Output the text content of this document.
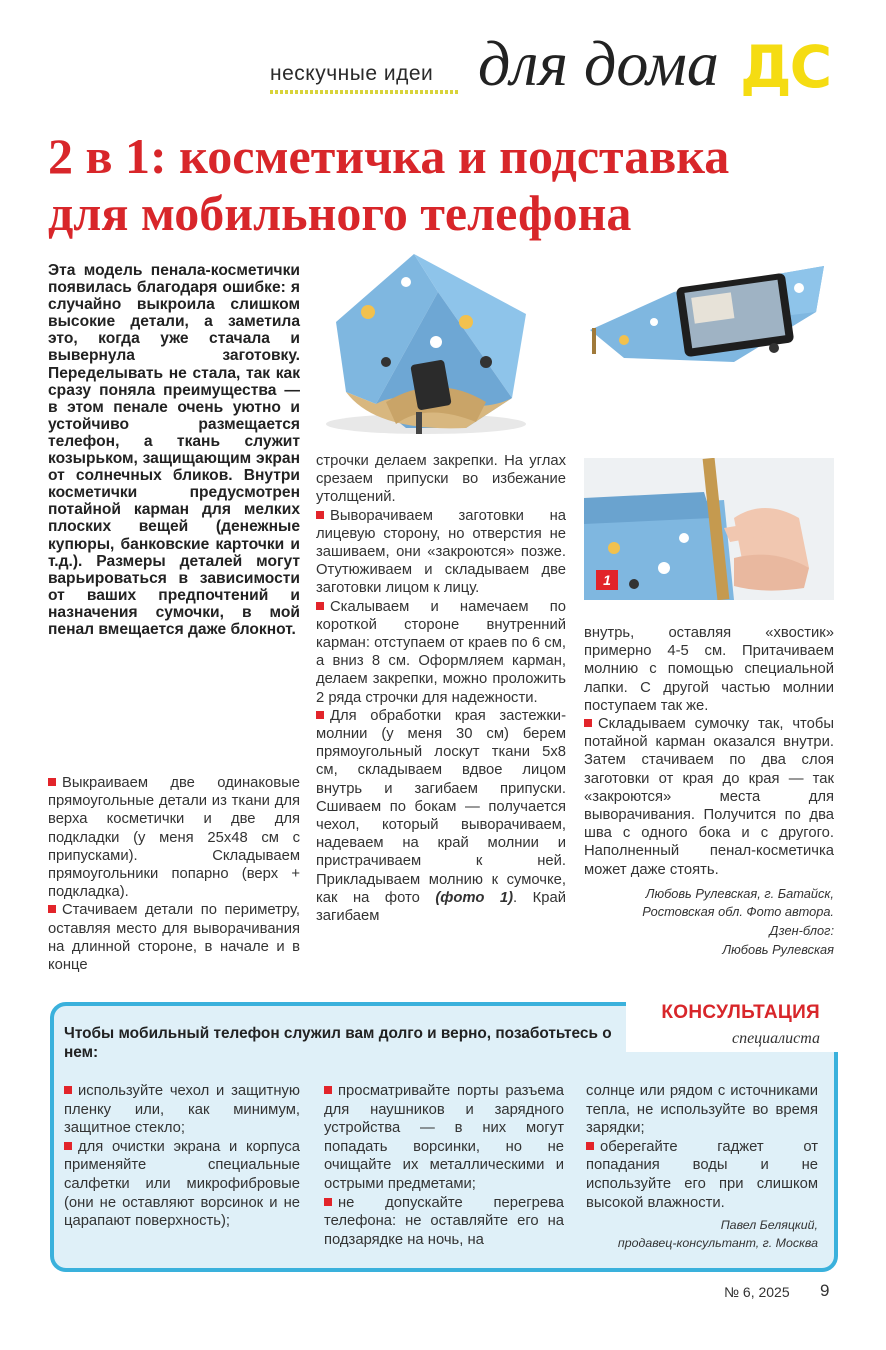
нескучные идеи для дома ДС
2 в 1: косметичка и подставка
для мобильного телефона

Эта модель пенала-косметички появилась благодаря ошибке: я случайно выкроила слишком высокие детали, а заметила это, когда уже стачала и вывернула заготовку. Переделывать не стала, так как сразу поняла преимущества — в этом пенале очень уютно и устойчиво размещается телефон, а ткань служит козырьком, защищающим экран от солнечных бликов. Внутри косметички предусмотрен потайной карман для мелких плоских вещей (денежные купюры, банковские карточки и т.д.). Размеры деталей могут варьироваться в зависимости от ваших предпочтений и назначения сумочки, в мой пенал вмещается даже блокнот.

1

Выкраиваем две одинаковые прямоугольные детали из ткани для верха косметички и две для подкладки (у меня 25х48 см с припусками). Складываем прямоугольники попарно (верх + подкладка).

Стачиваем детали по периметру, оставляя место для выворачивания на длинной стороне, в начале и в конце

строчки делаем закрепки. На углах срезаем припуски во избежание утолщений.

Выворачиваем заготовки на лицевую сторону, но отверстия не зашиваем, они «закроются» позже. Отутюживаем и складываем две заготовки лицом к лицу.

Скалываем и намечаем по короткой стороне внутренний карман: отступаем от краев по 6 см, а вниз 8 см. Оформляем карман, делаем закрепки, можно проложить 2 ряда строчки для надежности.

Для обработки края застежки-молнии (у меня 30 см) берем прямоугольный лоскут ткани 5х8 см, складываем вдвое лицом внутрь и загибаем припуски. Сшиваем по бокам — получается чехол, который выворачиваем, надеваем на край молнии и пристрачиваем к ней. Прикладываем молнию к сумочке, как на фото (фото 1). Край загибаем

внутрь, оставляя «хвостик» примерно 4-5 см. Притачиваем молнию с помощью специальной лапки. С другой частью молнии поступаем так же.

Складываем сумочку так, чтобы потайной карман оказался внутри. Затем стачиваем по два слоя заготовки от края до края — так «закроются» места для выворачивания. Получится по два шва с одного бока и с другого. Наполненный пенал-косметичка может даже стоять.

Любовь Рулевская, г. Батайск,
Ростовская обл. Фото автора.
Дзен-блог:
Любовь Рулевская

КОНСУЛЬТАЦИЯ
специалиста

Чтобы мобильный телефон служил вам долго и верно, позаботьтесь о нем:

используйте чехол и защитную пленку или, как минимум, защитное стекло;

для очистки экрана и корпуса применяйте специальные салфетки или микрофибровые (они не оставляют ворсинок и не царапают поверхность);

просматривайте порты разъема для наушников и зарядного устройства — в них могут попадать ворсинки, но не очищайте их металлическими и острыми предметами;

не допускайте перегрева телефона: не оставляйте его на подзарядке на ночь, на

солнце или рядом с источниками тепла, не используйте во время зарядки;

оберегайте гаджет от попадания воды и не используйте его при слишком высокой влажности.

Павел Беляцкий,
продавец-консультант, г. Москва

№ 6, 2025 9
